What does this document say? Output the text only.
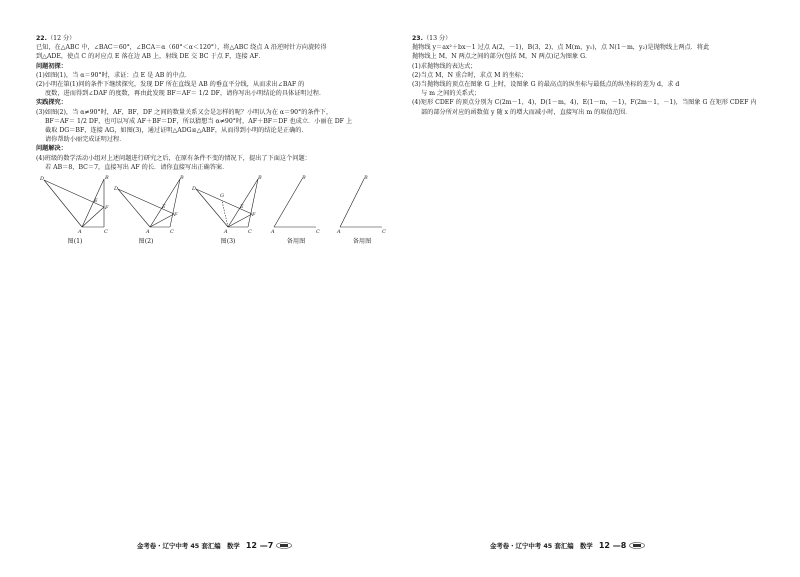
22.（12 分）
已知，在△ABC 中，∠BAC＝60°，∠BCA＝α（60°＜α＜120°），将△ABC 绕点 A 沿逆时针方向旋转得
到△ADE，使点 C 的对应点 E 落在边 AB 上，射线 DE 交 BC 于点 F，连接 AF．
问题初探：
(1)如图(1)，当 α＝90°时，求证：点 E 是 AB 的中点．
(2)小明在第(1)问的条件下继续探究，发现 DF 所在直线是 AB 的垂直平分线，从而求出∠BAF 的
度数，进而得到∠DAF 的度数，再由此发现 BF＝AF＝ 1/2 DF，请你写出小明结论的具体证明过程．
实践探究：
(3)如图(2)，当 α≠90°时，AF，BF，DF 之间的数量关系又会是怎样的呢？小明认为在 α＝90°的条件下，
BF＝AF＝ 1/2 DF，也可以写成 AF＋BF＝DF，所以猜想当 α≠90°时，AF＋BF＝DF 也成立．小丽在 DF 上
截取 DG＝BF，连接 AG，如图(3)，通过证明△ADG≌△ABF，从而得到小明的结论是正确的．
请你帮助小丽完成证明过程．
问题解决：
(4)班级的数学活动小组对上述问题进行研究之后，在原有条件不变的情况下，提出了下面这个问题：
若 AB＝8，BC＝7，直接写出 AF 的长．请你直接写出正确答案．
D	B
E
F
A	C
图(1)
D
B
E
F
A	C
图(2)
D
B
G
E
F
A	C
图(3)
B
A	C
备用图
B
A	C
备用图
金考卷・辽宁中考 45 套汇编　数学 12 —7
23.（13 分）
抛物线 y＝ax²＋bx－1 过点 A(2，－1)，B(3，2)，点 M(m，y₁)，点 N(1－m，y₂)是抛物线上两点．将此
抛物线上 M，N 两点之间的部分(包括 M，N 两点)记为图象 G．
(1)求抛物线的表达式；
(2)当点 M，N 重合时，求点 M 的坐标；
(3)当抛物线的顶点在图象 G 上时，设图象 G 的最高点的纵坐标与最低点的纵坐标的差为 d，求 d
与 m 之间的关系式；
(4)矩形 CDEF 的顶点分别为 C(2m－1，4)，D(1－m，4)，E(1－m，－1)，F(2m－1，－1)，当图象 G 在矩形 CDEF 内
部的部分所对应的函数值 y 随 x 的增大而减小时，直接写出 m 的取值范围．
金考卷・辽宁中考 45 套汇编　数学 12 —8
